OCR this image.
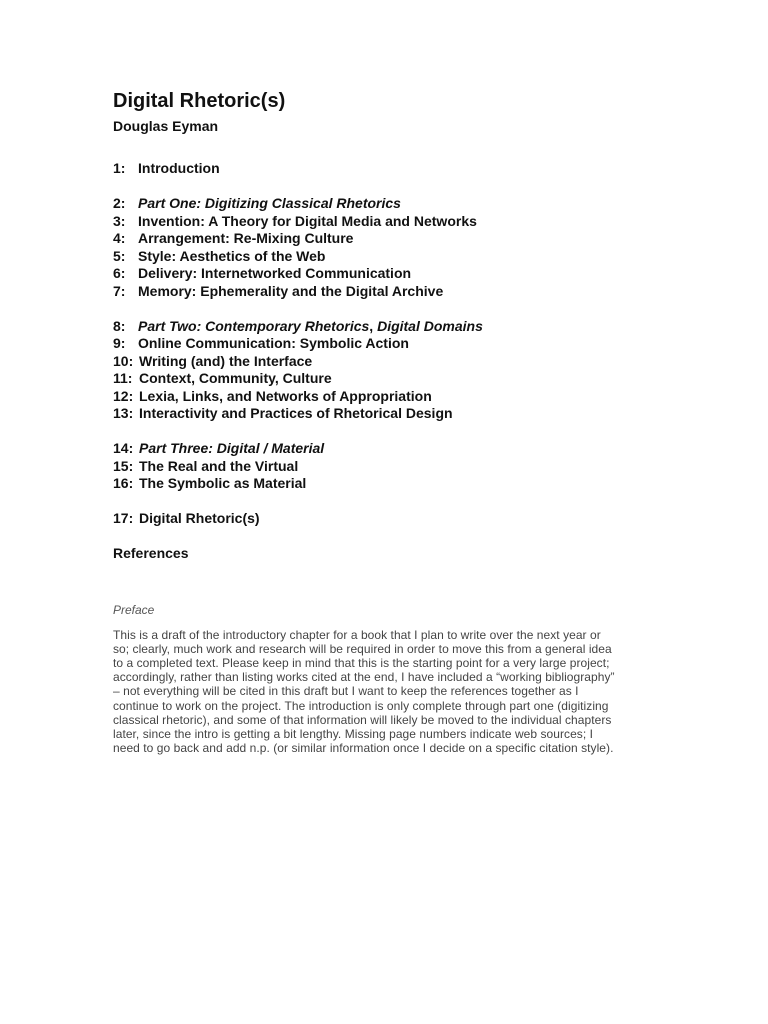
Digital Rhetoric(s)
Douglas Eyman
1: Introduction
2: Part One: Digitizing Classical Rhetorics
3: Invention: A Theory for Digital Media and Networks
4: Arrangement: Re-Mixing Culture
5: Style: Aesthetics of the Web
6: Delivery: Internetworked Communication
7: Memory: Ephemerality and the Digital Archive
8: Part Two: Contemporary Rhetorics, Digital Domains
9: Online Communication: Symbolic Action
10: Writing (and) the Interface
11: Context, Community, Culture
12: Lexia, Links, and Networks of Appropriation
13: Interactivity and Practices of Rhetorical Design
14: Part Three: Digital / Material
15: The Real and the Virtual
16: The Symbolic as Material
17: Digital Rhetoric(s)
References
Preface
This is a draft of the introductory chapter for a book that I plan to write over the next year or
so; clearly, much work and research will be required in order to move this from a general idea
to a completed text. Please keep in mind that this is the starting point for a very large project;
accordingly, rather than listing works cited at the end, I have included a “working bibliography”
– not everything will be cited in this draft but I want to keep the references together as I
continue to work on the project. The introduction is only complete through part one (digitizing
classical rhetoric), and some of that information will likely be moved to the individual chapters
later, since the intro is getting a bit lengthy. Missing page numbers indicate web sources; I
need to go back and add n.p. (or similar information once I decide on a specific citation style).
